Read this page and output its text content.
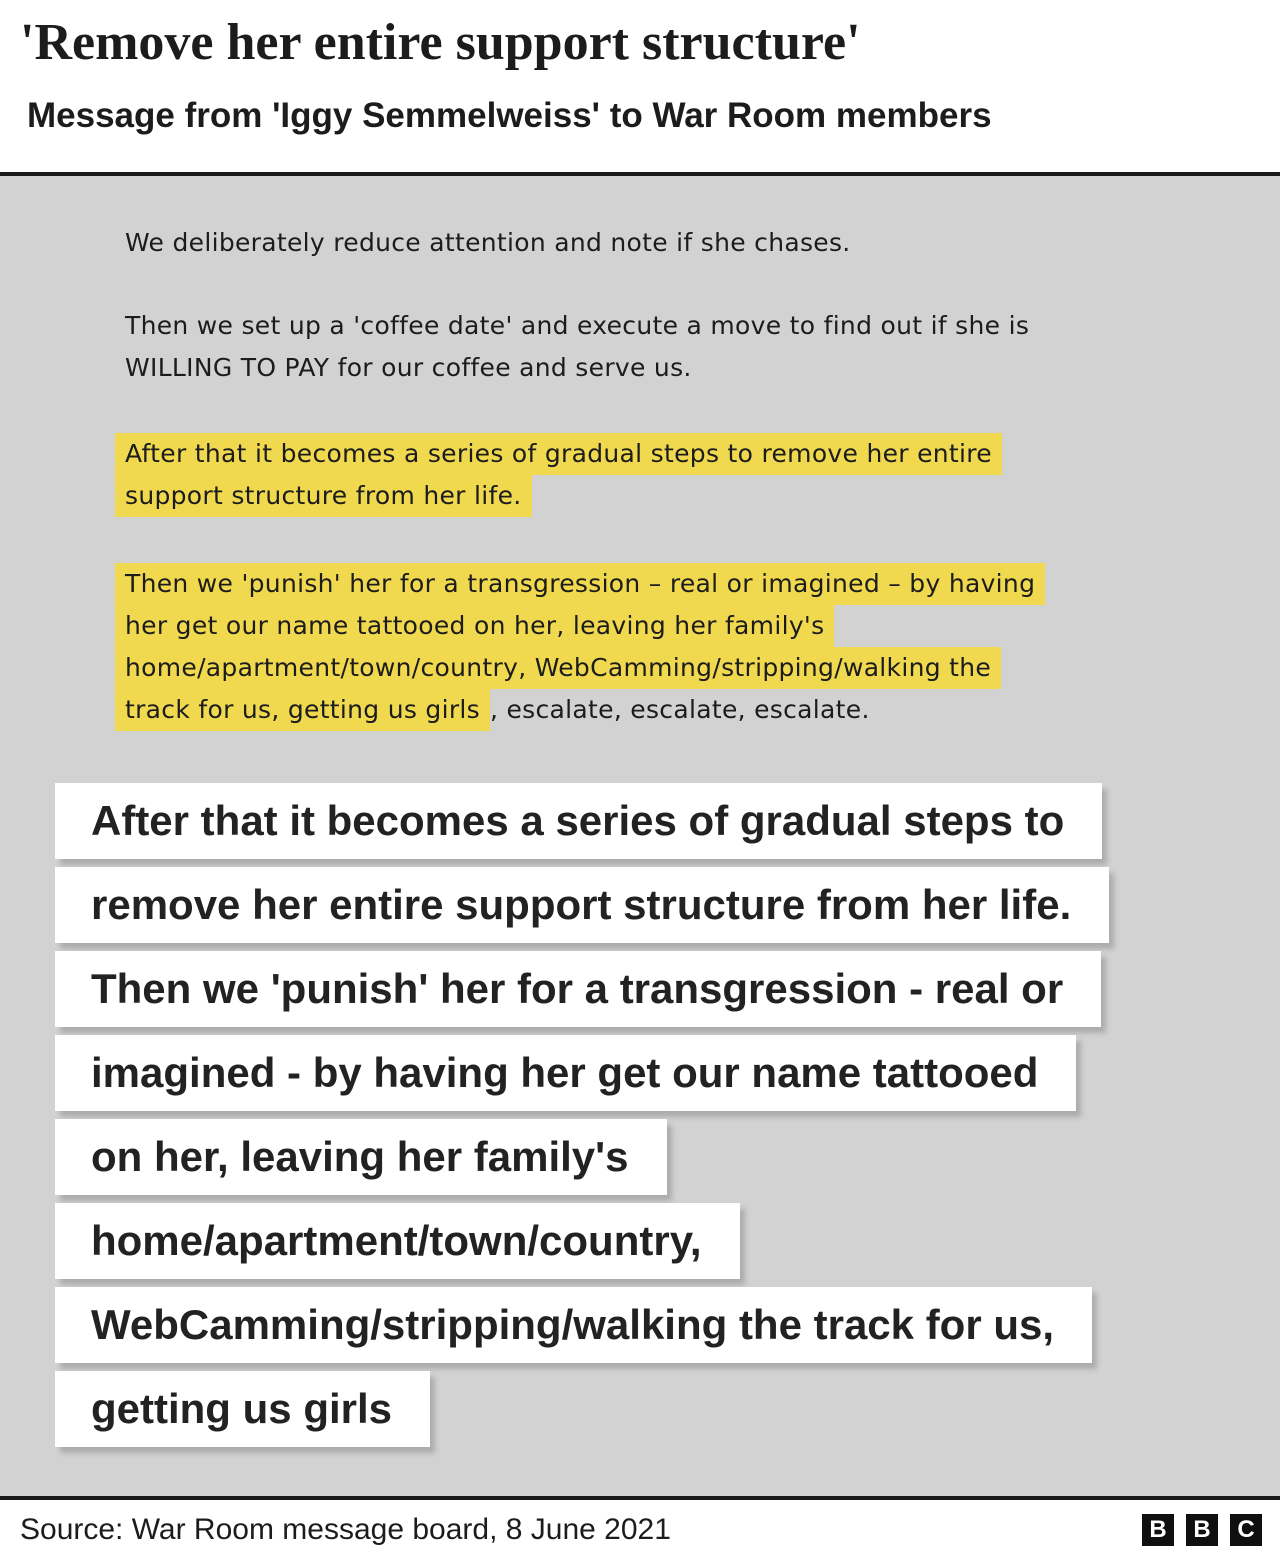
'Remove her entire support structure'
Message from 'Iggy Semmelweiss' to War Room members
We deliberately reduce attention and note if she chases.
Then we set up a 'coffee date' and execute a move to find out if she is
WILLING TO PAY for our coffee and serve us.
After that it becomes a series of gradual steps to remove her entire
support structure from her life.
Then we 'punish' her for a transgression – real or imagined – by having
her get our name tattooed on her, leaving her family's
home/apartment/town/country, WebCamming/stripping/walking the
track for us, getting us girls , escalate, escalate, escalate.
After that it becomes a series of gradual steps to
remove her entire support structure from her life.
Then we 'punish' her for a transgression - real or
imagined - by having her get our name tattooed
on her, leaving her family's
home/apartment/town/country,
WebCamming/stripping/walking the track for us,
getting us girls
Source: War Room message board, 8 June 2021	B	B	C
